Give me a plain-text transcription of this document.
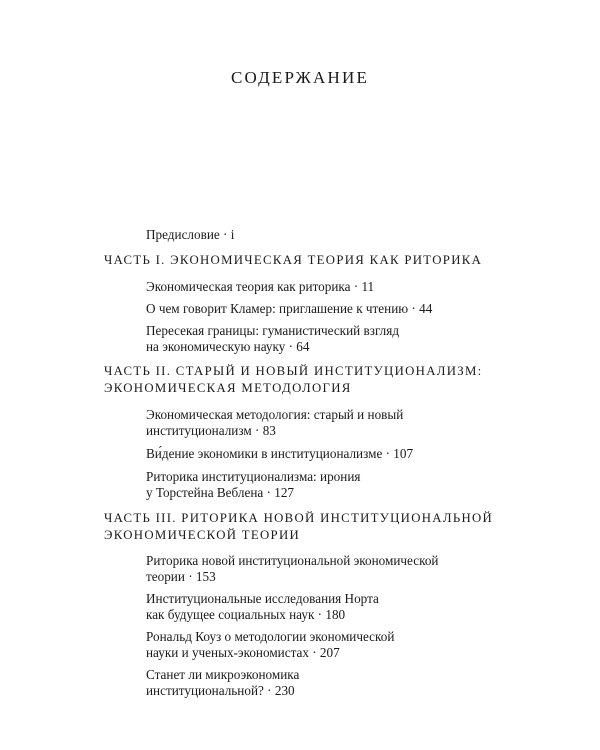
СОДЕРЖАНИЕ
Предисловие · i
ЧАСТЬ I. ЭКОНОМИЧЕСКАЯ ТЕОРИЯ КАК РИТОРИКА
Экономическая теория как риторика · 11
О чем говорит Кламер: приглашение к чтению · 44
Пересекая границы: гуманистический взгляд
на экономическую науку · 64
ЧАСТЬ II. СТАРЫЙ И НОВЫЙ ИНСТИТУЦИОНАЛИЗМ:
ЭКОНОМИЧЕСКАЯ МЕТОДОЛОГИЯ
Экономическая методология: старый и новый
институционализм · 83
Ви́дение экономики в институционализме · 107
Риторика институционализма: ирония
у Торстейна Веблена · 127
ЧАСТЬ III. РИТОРИКА НОВОЙ ИНСТИТУЦИОНАЛЬНОЙ
ЭКОНОМИЧЕСКОЙ ТЕОРИИ
Риторика новой институциональной экономической
теории · 153
Институциональные исследования Норта
как будущее социальных наук · 180
Рональд Коуз о методологии экономической
науки и ученых-экономистах · 207
Станет ли микроэкономика
институциональной? · 230
